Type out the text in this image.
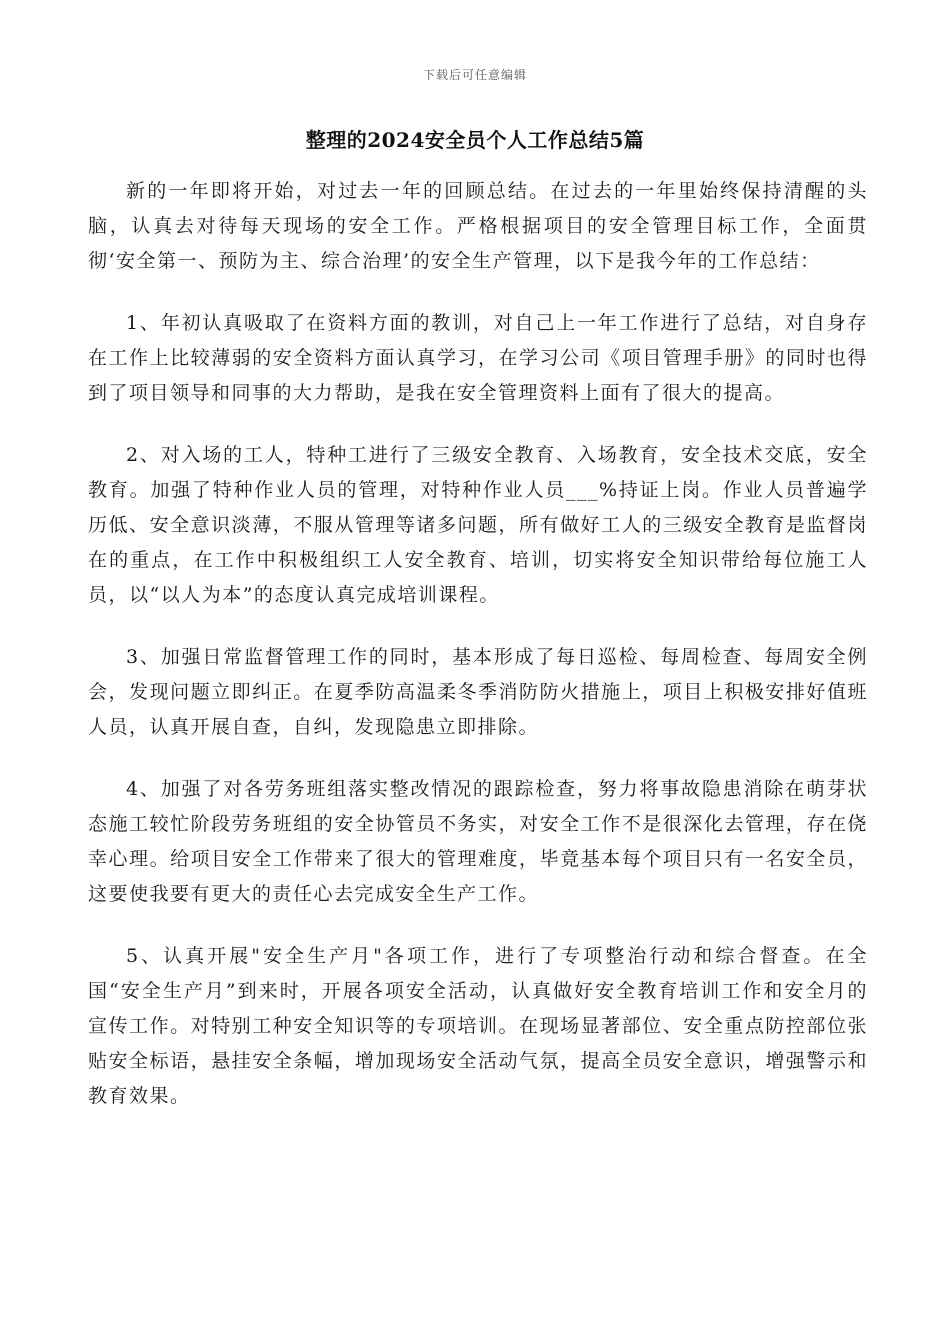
下载后可任意编辑
整理的2024安全员个人工作总结5篇

新的一年即将开始，对过去一年的回顾总结。在过去的一年里始终保持清醒的头脑，认真去对待每天现场的安全工作。严格根据项目的安全管理目标工作，全面贯彻‘安全第一、预防为主、综合治理’的安全生产管理，以下是我今年的工作总结：

1、年初认真吸取了在资料方面的教训，对自己上一年工作进行了总结，对自身存在工作上比较薄弱的安全资料方面认真学习，在学习公司《项目管理手册》的同时也得到了项目领导和同事的大力帮助，是我在安全管理资料上面有了很大的提高。

2、对入场的工人，特种工进行了三级安全教育、入场教育，安全技术交底，安全教育。加强了特种作业人员的管理，对特种作业人员___%持证上岗。作业人员普遍学历低、安全意识淡薄，不服从管理等诸多问题，所有做好工人的三级安全教育是监督岗在的重点，在工作中积极组织工人安全教育、培训，切实将安全知识带给每位施工人员，以“以人为本”的态度认真完成培训课程。

3、加强日常监督管理工作的同时，基本形成了每日巡检、每周检查、每周安全例会，发现问题立即纠正。在夏季防高温柔冬季消防防火措施上，项目上积极安排好值班人员，认真开展自查，自纠，发现隐患立即排除。

4、加强了对各劳务班组落实整改情况的跟踪检查，努力将事故隐患消除在萌芽状态施工较忙阶段劳务班组的安全协管员不务实，对安全工作不是很深化去管理，存在侥幸心理。给项目安全工作带来了很大的管理难度，毕竟基本每个项目只有一名安全员，这要使我要有更大的责任心去完成安全生产工作。

5、认真开展"安全生产月"各项工作，进行了专项整治行动和综合督查。在全国“安全生产月”到来时，开展各项安全活动，认真做好安全教育培训工作和安全月的宣传工作。对特别工种安全知识等的专项培训。在现场显著部位、安全重点防控部位张贴安全标语，悬挂安全条幅，增加现场安全活动气氛，提高全员安全意识，增强警示和教育效果。
